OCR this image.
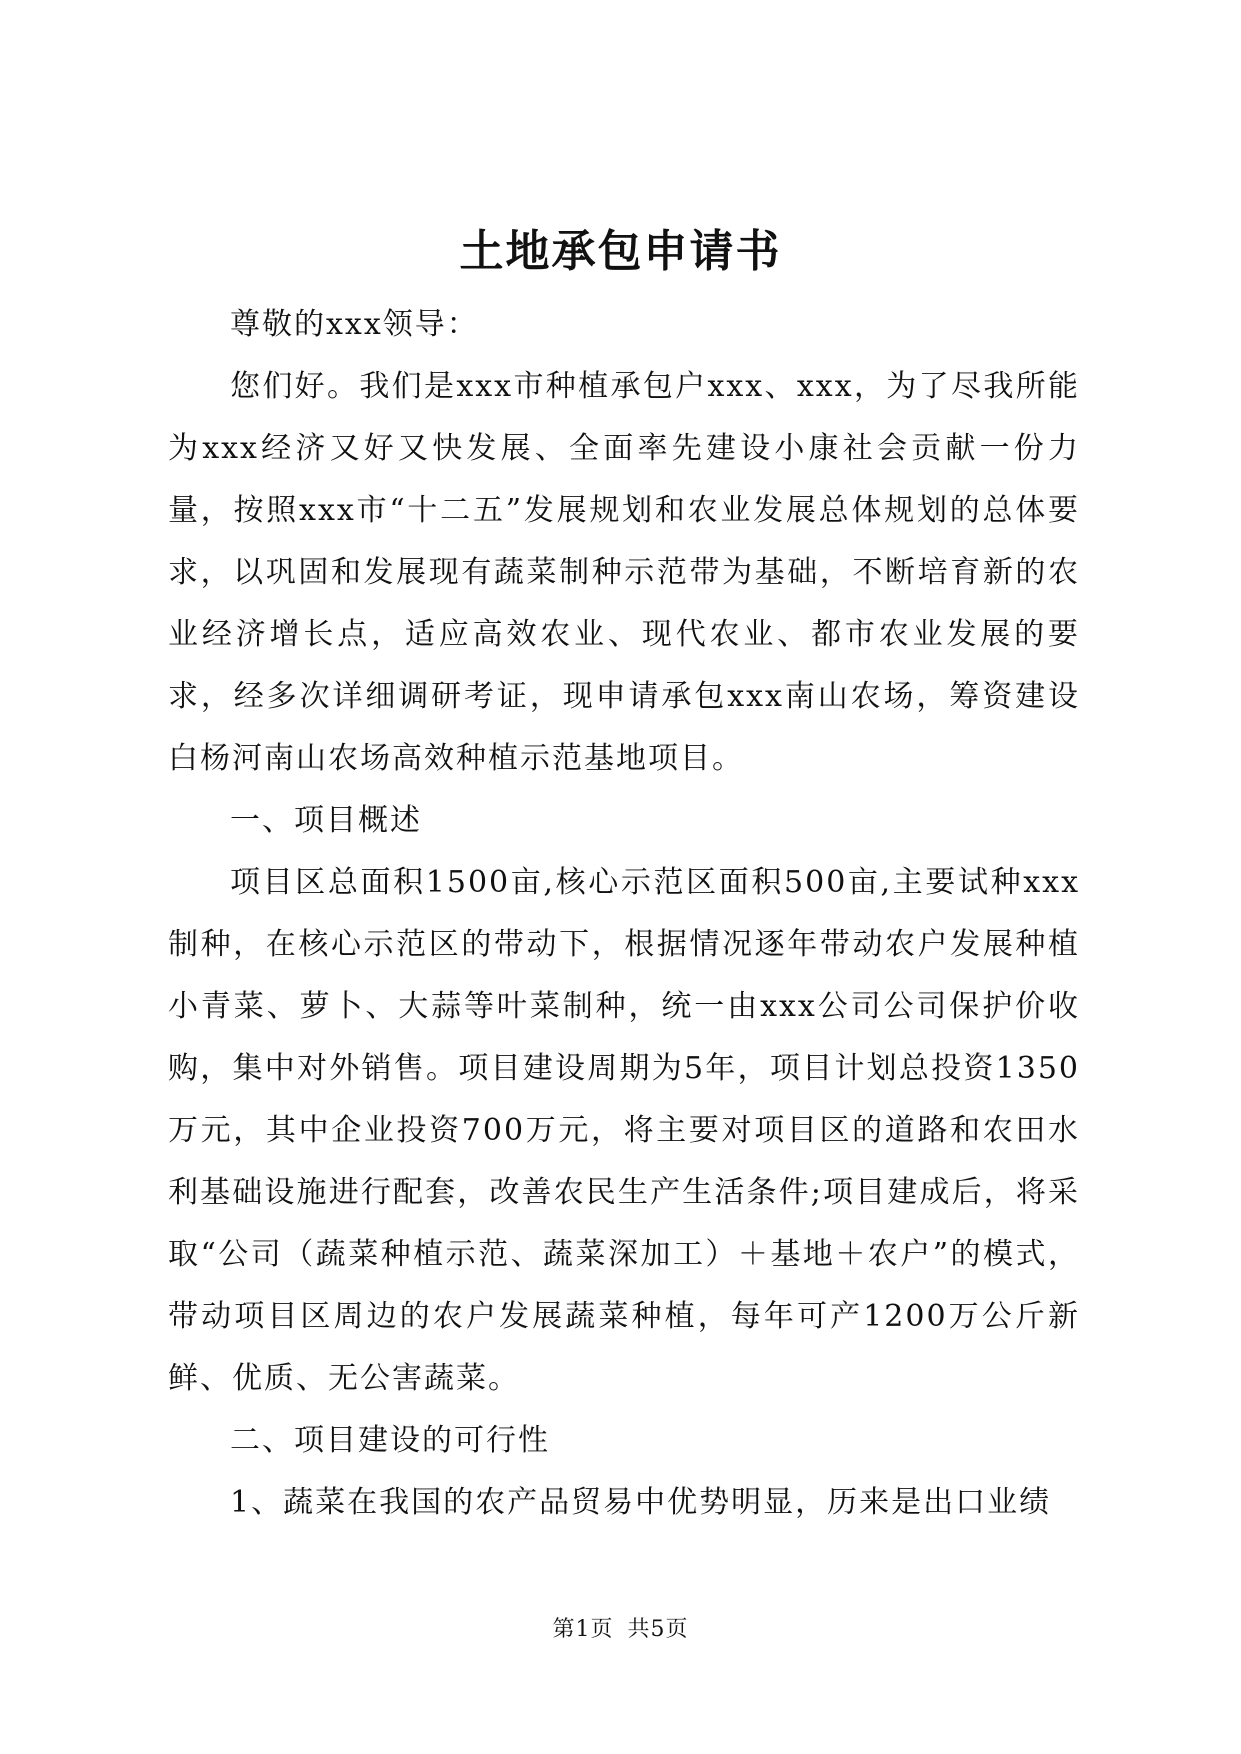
土地承包申请书

尊敬的xxx领导：

您们好。我们是xxx市种植承包户xxx、xxx，为了尽我所能为xxx经济又好又快发展、全面率先建设小康社会贡献一份力量，按照xxx市“十二五”发展规划和农业发展总体规划的总体要求，以巩固和发展现有蔬菜制种示范带为基础，不断培育新的农业经济增长点，适应高效农业、现代农业、都市农业发展的要求，经多次详细调研考证，现申请承包xxx南山农场，筹资建设白杨河南山农场高效种植示范基地项目。

一、项目概述

项目区总面积1500亩,核心示范区面积500亩,主要试种xxx制种，在核心示范区的带动下，根据情况逐年带动农户发展种植小青菜、萝卜、大蒜等叶菜制种，统一由xxx公司公司保护价收购，集中对外销售。项目建设周期为5年，项目计划总投资1350万元，其中企业投资700万元，将主要对项目区的道路和农田水利基础设施进行配套，改善农民生产生活条件;项目建成后，将采取“公司（蔬菜种植示范、蔬菜深加工）＋基地＋农户”的模式，带动项目区周边的农户发展蔬菜种植，每年可产1200万公斤新鲜、优质、无公害蔬菜。

二、项目建设的可行性

1、蔬菜在我国的农产品贸易中优势明显，历来是出口业绩

第1页 共5页
